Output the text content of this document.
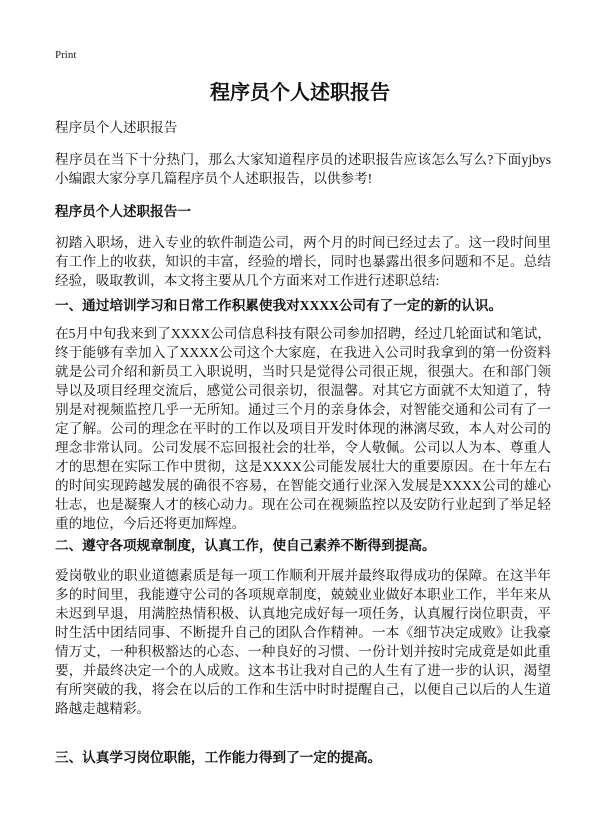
Print
程序员个人述职报告

程序员个人述职报告

程序员在当下十分热门，那么大家知道程序员的述职报告应该怎么写么?下面yjbys小编跟大家分享几篇程序员个人述职报告，以供参考!

程序员个人述职报告一

初踏入职场，进入专业的软件制造公司，两个月的时间已经过去了。这一段时间里有工作上的收获，知识的丰富，经验的增长，同时也暴露出很多问题和不足。总结经验，吸取教训，本文将主要从几个方面来对工作进行述职总结:

一、通过培训学习和日常工作积累使我对XXXX公司有了一定的新的认识。

在5月中旬我来到了XXXX公司信息科技有限公司参加招聘，经过几轮面试和笔试，终于能够有幸加入了XXXX公司这个大家庭，在我进入公司时我拿到的第一份资料就是公司介绍和新员工入职说明，当时只是觉得公司很正规，很强大。在和部门领导以及项目经理交流后，感觉公司很亲切，很温馨。对其它方面就不太知道了，特别是对视频监控几乎一无所知。通过三个月的亲身体会，对智能交通和公司有了一定了解。公司的理念在平时的工作以及项目开发时体现的淋漓尽致，本人对公司的理念非常认同。公司发展不忘回报社会的壮举，令人敬佩。公司以人为本、尊重人才的思想在实际工作中贯彻，这是XXXX公司能发展壮大的重要原因。在十年左右的时间实现跨越发展的确很不容易，在智能交通行业深入发展是XXXX公司的雄心壮志，也是凝聚人才的核心动力。现在公司在视频监控以及安防行业起到了举足轻重的地位，今后还将更加辉煌。

二、遵守各项规章制度，认真工作，使自己素养不断得到提高。

爱岗敬业的职业道德素质是每一项工作顺利开展并最终取得成功的保障。在这半年多的时间里，我能遵守公司的各项规章制度，兢兢业业做好本职业工作，半年来从未迟到早退，用满腔热情积极、认真地完成好每一项任务，认真履行岗位职责，平时生活中团结同事、不断提升自己的团队合作精神。一本《细节决定成败》让我豪情万丈，一种积极豁达的心态、一种良好的习惯、一份计划并按时完成竟是如此重要，并最终决定一个的人成败。这本书让我对自己的人生有了进一步的认识，渴望有所突破的我，将会在以后的工作和生活中时时提醒自己，以便自己以后的人生道路越走越精彩。

三、认真学习岗位职能，工作能力得到了一定的提高。
